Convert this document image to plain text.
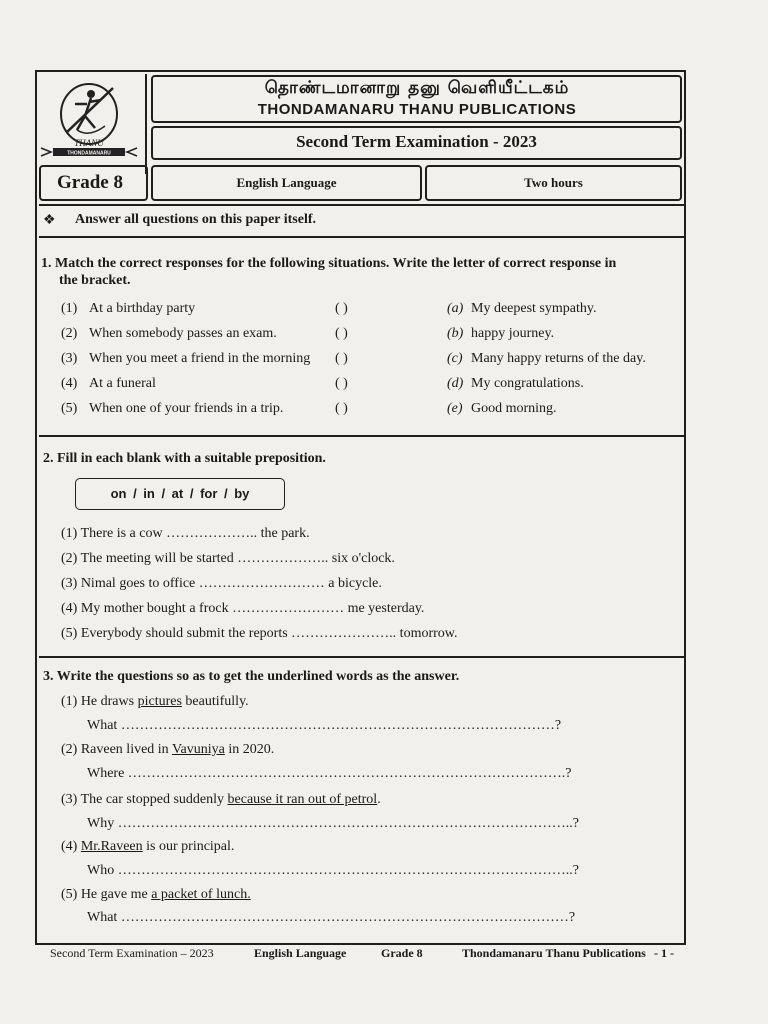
THANU
THONDAMANARU
தொண்டமானாறு தனு வெளியீட்டகம்
THONDAMANARU THANU PUBLICATIONS
Second Term Examination - 2023
Grade 8	English Language	Two hours
❖ Answer all questions on this paper itself.
1. Match the correct responses for the following situations. Write the letter of correct response in
the bracket.
(1) At a birthday party	( )	(a) My deepest sympathy.
(2) When somebody passes an exam.	( )	(b) happy journey.
(3) When you meet a friend in the morning ( )	(c) Many happy returns of the day.
(4) At a funeral	( )	(d) My congratulations.
(5) When one of your friends in a trip.	( )	(e) Good morning.
2. Fill in each blank with a suitable preposition.
on / in / at / for / by
(1) There is a cow ……………….. the park.
(2) The meeting will be started ……………….. six o'clock.
(3) Nimal goes to office ……………………… a bicycle.
(4) My mother bought a frock …………………… me yesterday.
(5) Everybody should submit the reports ………………….. tomorrow.
3. Write the questions so as to get the underlined words as the answer.
(1) He draws pictures beautifully.
What …………………………………………………………………………………?
(2) Raveen lived in Vavuniya in 2020.
Where ………………………………………………………………………………….?
(3) The car stopped suddenly because it ran out of petrol.
Why ……………………………………………………………………………………..?
(4) Mr.Raveen is our principal.
Who ……………………………………………………………………………………..?
(5) He gave me a packet of lunch.
What ……………………………………………………………………………………?
Second Term Examination – 2023	English Language	Grade 8	Thondamanaru Thanu Publications - 1 -
